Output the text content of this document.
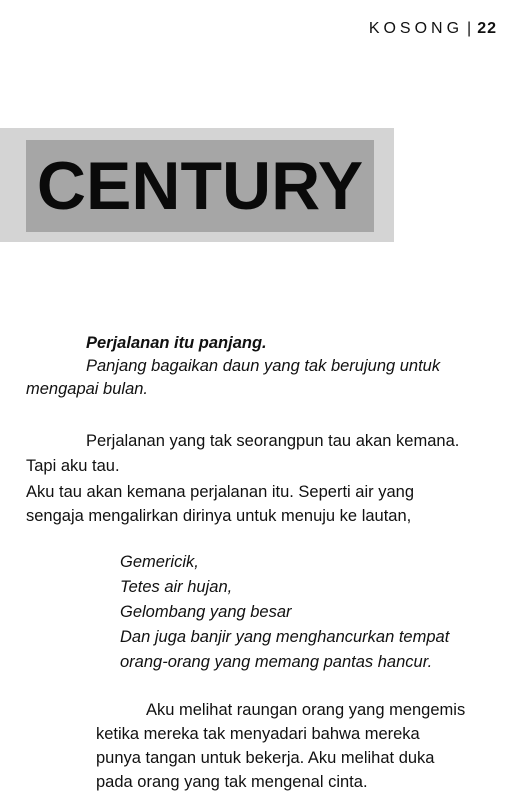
KOSONG | 22
CENTURY
Perjalanan itu panjang.
Panjang bagaikan daun yang tak berujung untuk
mengapai bulan.
Perjalanan yang tak seorangpun tau akan kemana.
Tapi aku tau.
Aku tau akan kemana perjalanan itu. Seperti air yang
sengaja mengalirkan dirinya untuk menuju ke lautan,
Gemericik,
Tetes air hujan,
Gelombang yang besar
Dan juga banjir yang menghancurkan tempat
orang-orang yang memang pantas hancur.
Aku melihat raungan orang yang mengemis
ketika mereka tak menyadari bahwa mereka
punya tangan untuk bekerja. Aku melihat duka
pada orang yang tak mengenal cinta.
